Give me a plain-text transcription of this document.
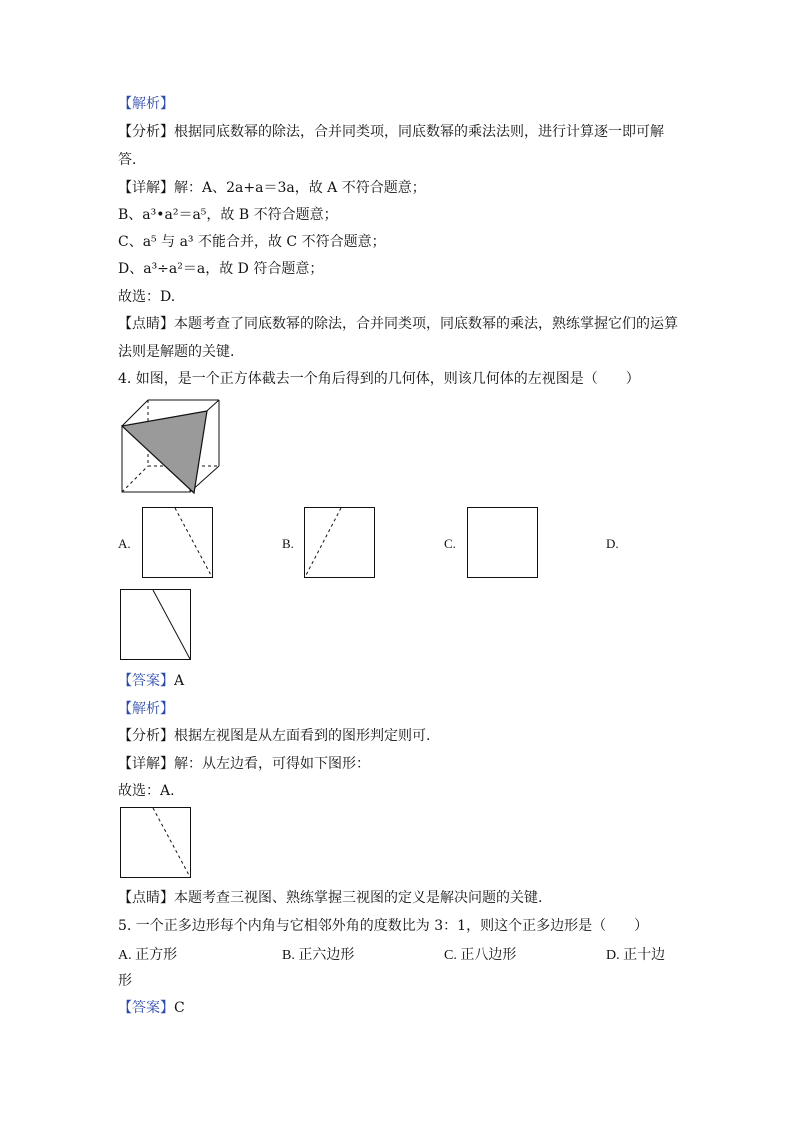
【解析】
【分析】根据同底数幂的除法，合并同类项，同底数幂的乘法法则，进行计算逐一即可解
答.
【详解】解：A、2a+a＝3a，故 A 不符合题意；
B、a³•a²＝a⁵，故 B 不符合题意；
C、a⁵ 与 a³ 不能合并，故 C 不符合题意；
D、a³÷a²＝a，故 D 符合题意；
故选：D.
【点睛】本题考查了同底数幂的除法，合并同类项，同底数幂的乘法，熟练掌握它们的运算
法则是解题的关键.
4. 如图，是一个正方体截去一个角后得到的几何体，则该几何体的左视图是（　　）
A.	B.	C.	D.
【答案】A
【解析】
【分析】根据左视图是从左面看到的图形判定则可.
【详解】解：从左边看，可得如下图形：
故选：A.
【点睛】本题考查三视图、熟练掌握三视图的定义是解决问题的关键.
5. 一个正多边形每个内角与它相邻外角的度数比为 3：1，则这个正多边形是（　　）
A. 正方形	B. 正六边形	C. 正八边形	D. 正十边
形
【答案】C
